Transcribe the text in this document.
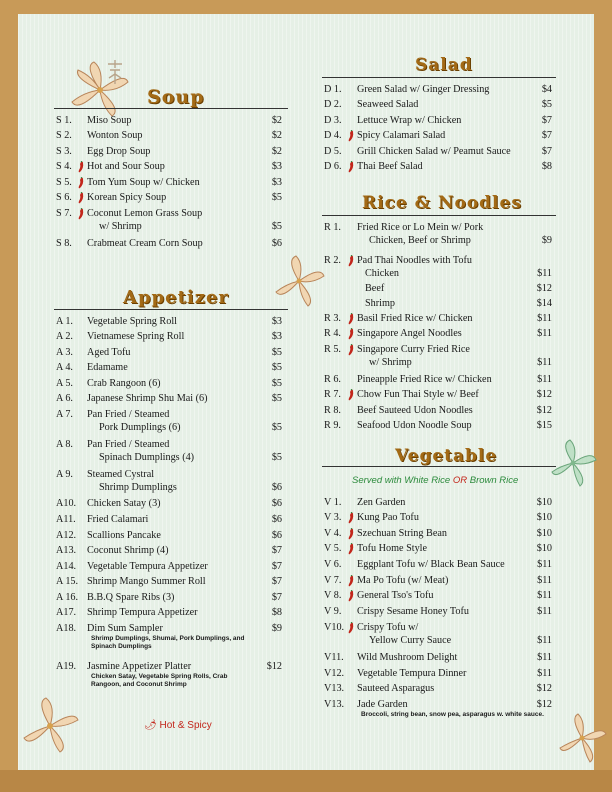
Soup
S 1. Miso Soup	$2
S 2. Wonton Soup	$2
S 3. Egg Drop Soup	$2
S 4. Hot and Sour Soup	$3
S 5. Tom Yum Soup w/ Chicken	$3
S 6. Korean Spicy Soup	$5
S 7. Coconut Lemon Grass Soup
w/ Shrimp	$5
S 8. Crabmeat Cream Corn Soup	$6
Appetizer
A 1. Vegetable Spring Roll	$3
A 2. Vietnamese Spring Roll	$3
A 3. Aged Tofu	$5
A 4. Edamame	$5
A 5. Crab Rangoon (6)	$5
A 6. Japanese Shrimp Shu Mai (6)	$5
A 7. Pan Fried / Steamed
Pork Dumplings (6)	$5
A 8. Pan Fried / Steamed
Spinach Dumplings (4)	$5
A 9. Steamed Cystral
Shrimp Dumplings	$6
A10. Chicken Satay (3)	$6
A11. Fried Calamari	$6
A12. Scallions Pancake	$6
A13. Coconut Shrimp (4)	$7
A14. Vegetable Tempura Appetizer	$7
A 15. Shrimp Mango Summer Roll	$7
A 16. B.B.Q Spare Ribs (3)	$7
A17. Shrimp Tempura Appetizer	$8
A18. Dim Sum Sampler	$9
Shrimp Dumplings, Shumai, Pork Dumplings, and Spinach Dumplings
A19. Jasmine Appetizer Platter	$12
Chicken Satay, Vegetable Spring Rolls, Crab Rangoon, and Coconut Shrimp
🌶 Hot & Spicy
Salad
D 1. Green Salad w/ Ginger Dressing	$4
D 2. Seaweed Salad	$5
D 3. Lettuce Wrap w/ Chicken	$7
D 4. Spicy Calamari Salad	$7
D 5. Grill Chicken Salad w/ Peamut Sauce	$7
D 6. Thai Beef Salad	$8
Rice & Noodles
R 1. Fried Rice or Lo Mein w/ Pork
Chicken, Beef or Shrimp	$9
R 2. Pad Thai Noodles with Tofu
Chicken	$11
Beef	$12
Shrimp	$14
R 3. Basil Fried Rice w/ Chicken	$11
R 4. Singapore Angel Noodles	$11
R 5. Singapore Curry Fried Rice
w/ Shrimp	$11
R 6. Pineapple Fried Rice w/ Chicken	$11
R 7. Chow Fun Thai Style w/ Beef	$12
R 8. Beef Sauteed Udon Noodles	$12
R 9. Seafood Udon Noodle Soup	$15
Vegetable
Served with White Rice OR Brown Rice
V 1. Zen Garden	$10
V 3. Kung Pao Tofu	$10
V 4. Szechuan String Bean	$10
V 5. Tofu Home Style	$10
V 6. Eggplant Tofu w/ Black Bean Sauce	$11
V 7. Ma Po Tofu (w/ Meat)	$11
V 8. General Tso's Tofu	$11
V 9. Crispy Sesame Honey Tofu	$11
V10. Crispy Tofu w/
Yellow Curry Sauce	$11
V11. Wild Mushroom Delight	$11
V12. Vegetable Tempura Dinner	$11
V13. Sauteed Asparagus	$12
V13. Jade Garden	$12
Broccoli, string bean, snow pea, asparagus w. white sauce.
